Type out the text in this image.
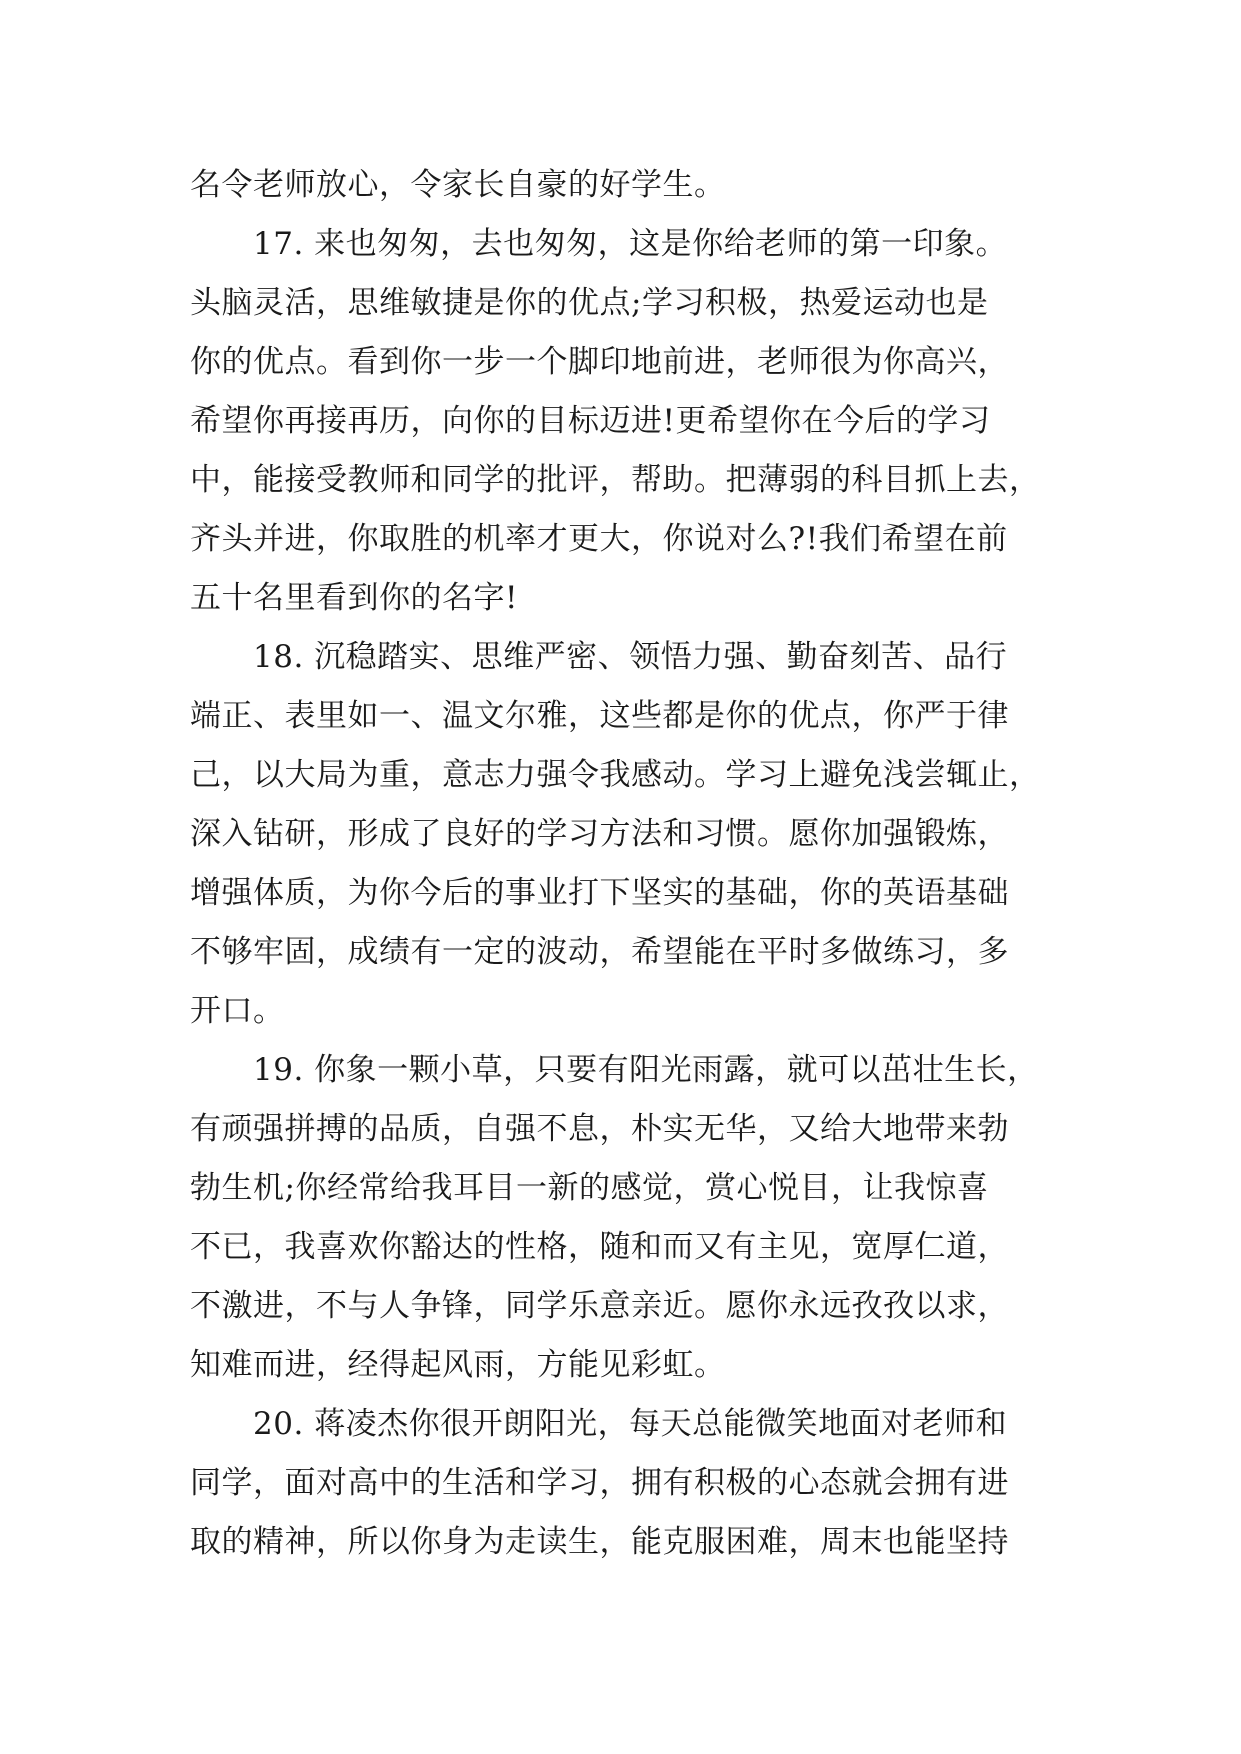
名令老师放心，令家长自豪的好学生。
17. 来也匆匆，去也匆匆，这是你给老师的第一印象。
头脑灵活，思维敏捷是你的优点;学习积极，热爱运动也是
你的优点。看到你一步一个脚印地前进，老师很为你高兴，
希望你再接再历，向你的目标迈进!更希望你在今后的学习
中，能接受教师和同学的批评，帮助。把薄弱的科目抓上去，
齐头并进，你取胜的机率才更大，你说对么?!我们希望在前
五十名里看到你的名字!
18. 沉稳踏实、思维严密、领悟力强、勤奋刻苦、品行
端正、表里如一、温文尔雅，这些都是你的优点，你严于律
己，以大局为重，意志力强令我感动。学习上避免浅尝辄止，
深入钻研，形成了良好的学习方法和习惯。愿你加强锻炼，
增强体质，为你今后的事业打下坚实的基础，你的英语基础
不够牢固，成绩有一定的波动，希望能在平时多做练习，多
开口。
19. 你象一颗小草，只要有阳光雨露，就可以茁壮生长，
有顽强拼搏的品质，自强不息，朴实无华，又给大地带来勃
勃生机;你经常给我耳目一新的感觉，赏心悦目，让我惊喜
不已，我喜欢你豁达的性格，随和而又有主见，宽厚仁道，
不激进，不与人争锋，同学乐意亲近。愿你永远孜孜以求，
知难而进，经得起风雨，方能见彩虹。
20. 蒋凌杰你很开朗阳光，每天总能微笑地面对老师和
同学，面对高中的生活和学习，拥有积极的心态就会拥有进
取的精神，所以你身为走读生，能克服困难，周末也能坚持
